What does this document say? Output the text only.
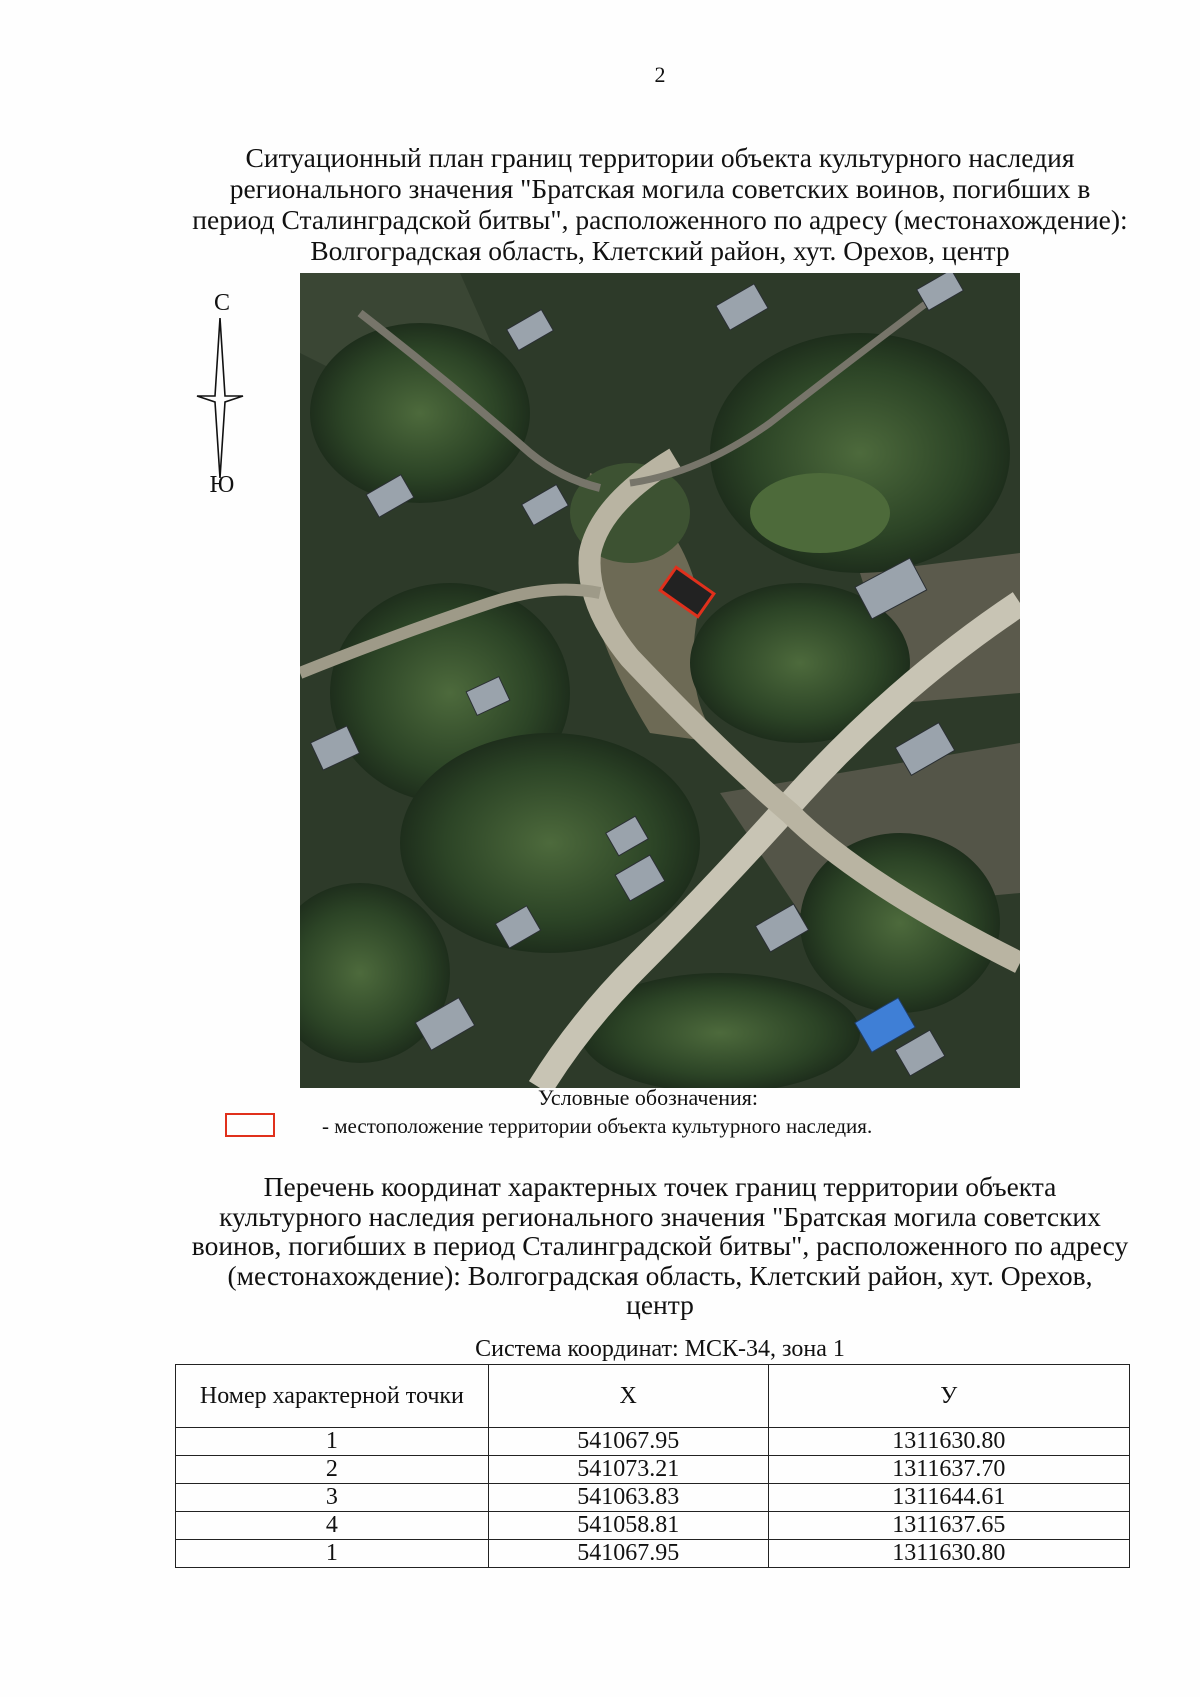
2
Ситуационный план границ территории объекта культурного наследия
регионального значения "Братская могила советских воинов, погибших в
период Сталинградской битвы", расположенного по адресу (местонахождение):
Волгоградская область, Клетский район, хут. Орехов, центр
С
Ю
Условные обозначения:
- местоположение территории объекта культурного наследия.
Перечень координат характерных точек границ территории объекта
культурного наследия регионального значения "Братская могила советских
воинов, погибших в период Сталинградской битвы", расположенного по адресу
(местонахождение): Волгоградская область, Клетский район, хут. Орехов,
центр
Система координат: МСК-34, зона 1
Номер характерной точки	X	У
1	541067.95	1311630.80
2	541073.21	1311637.70
3	541063.83	1311644.61
4	541058.81	1311637.65
1	541067.95	1311630.80
